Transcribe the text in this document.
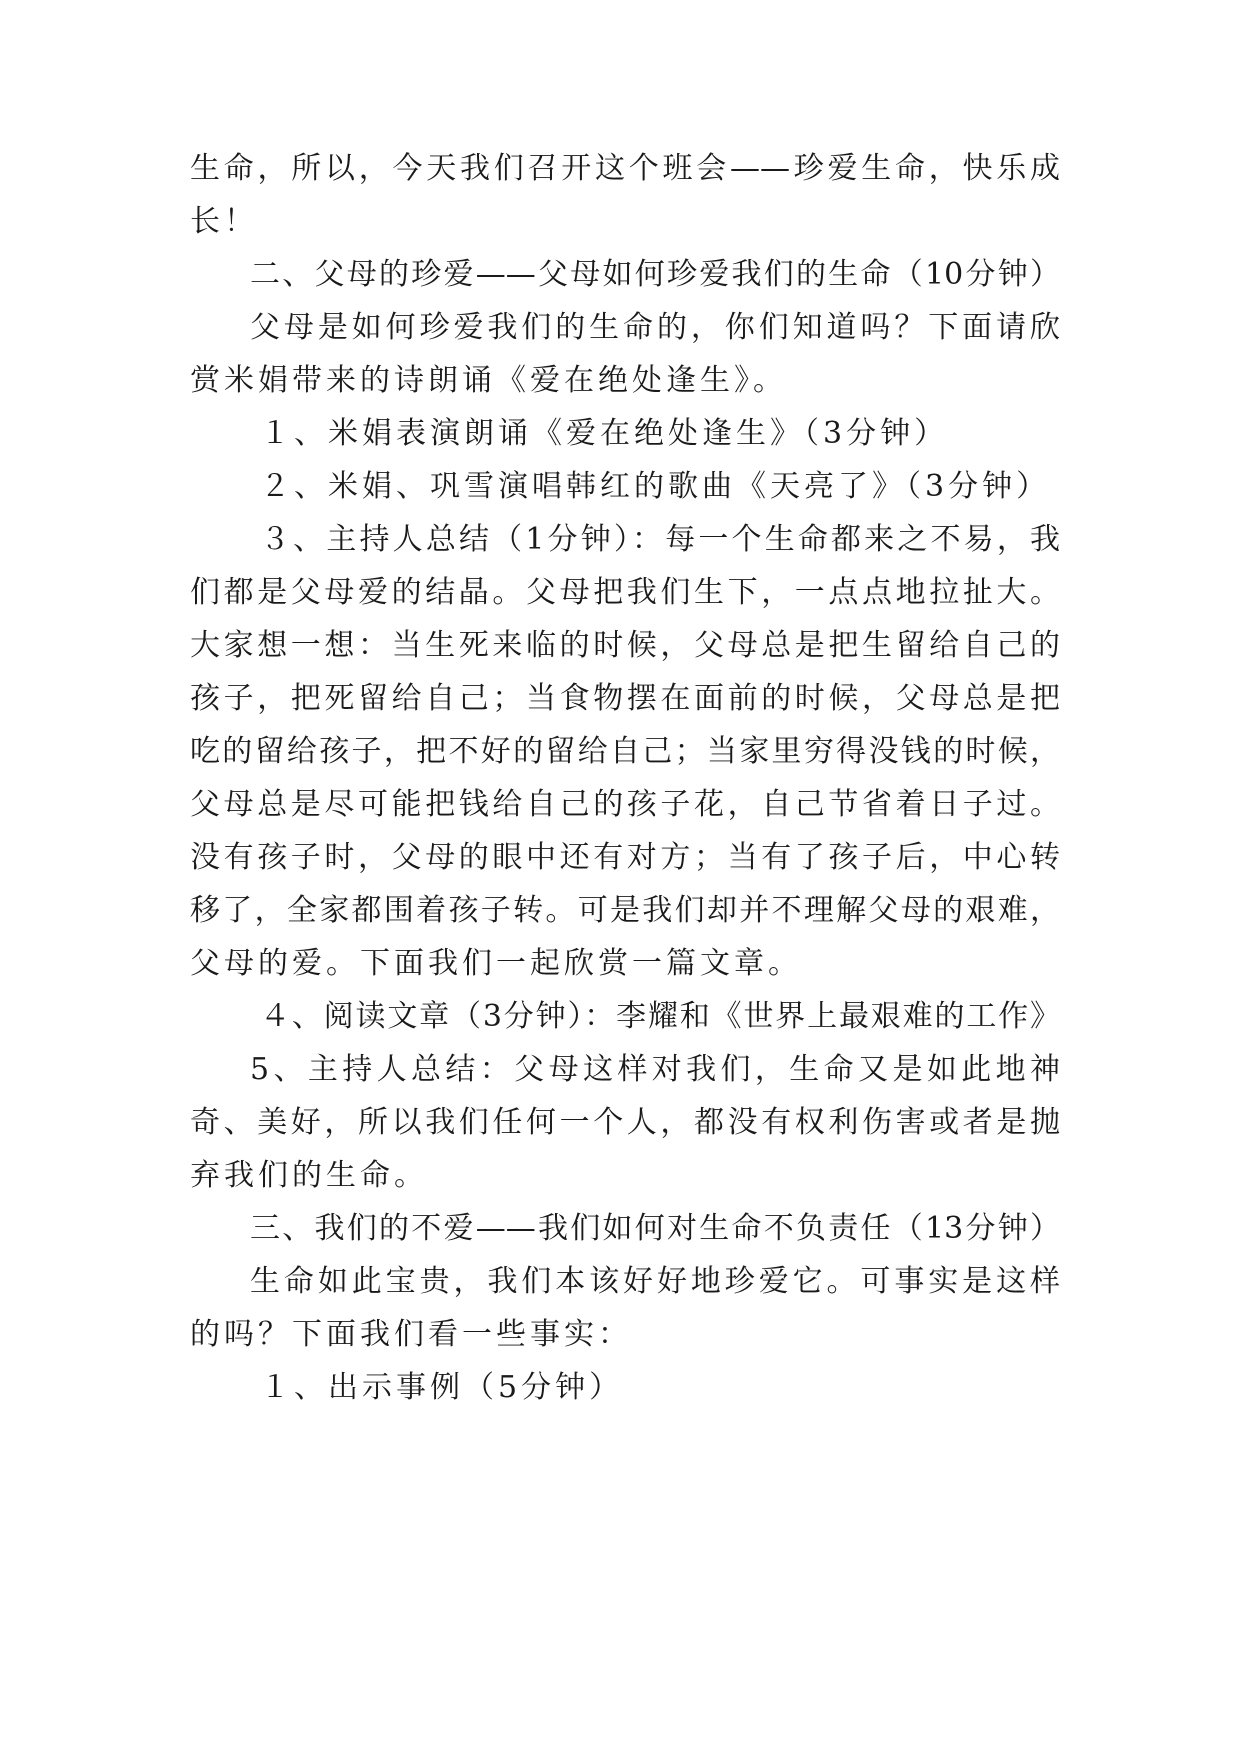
生命，所以，今天我们召开这个班会——珍爱生命，快乐成

长！

二、父母的珍爱——父母如何珍爱我们的生命（10分钟）

父母是如何珍爱我们的生命的，你们知道吗？下面请欣

赏米娟带来的诗朗诵《爱在绝处逢生》。

１、米娟表演朗诵《爱在绝处逢生》（3分钟）

２、米娟、巩雪演唱韩红的歌曲《天亮了》（3分钟）

３、主持人总结（1分钟）：每一个生命都来之不易，我

们都是父母爱的结晶。父母把我们生下，一点点地拉扯大。

大家想一想：当生死来临的时候，父母总是把生留给自己的

孩子，把死留给自己；当食物摆在面前的时候，父母总是把

吃的留给孩子，把不好的留给自己；当家里穷得没钱的时候，

父母总是尽可能把钱给自己的孩子花，自己节省着日子过。

没有孩子时，父母的眼中还有对方；当有了孩子后，中心转

移了，全家都围着孩子转。可是我们却并不理解父母的艰难，

父母的爱。下面我们一起欣赏一篇文章。

４、阅读文章（3分钟）：李耀和《世界上最艰难的工作》

5、主持人总结：父母这样对我们，生命又是如此地神

奇、美好，所以我们任何一个人，都没有权利伤害或者是抛

弃我们的生命。

三、我们的不爱——我们如何对生命不负责任（13分钟）

生命如此宝贵，我们本该好好地珍爱它。可事实是这样

的吗？下面我们看一些事实：

１、出示事例（5分钟）
